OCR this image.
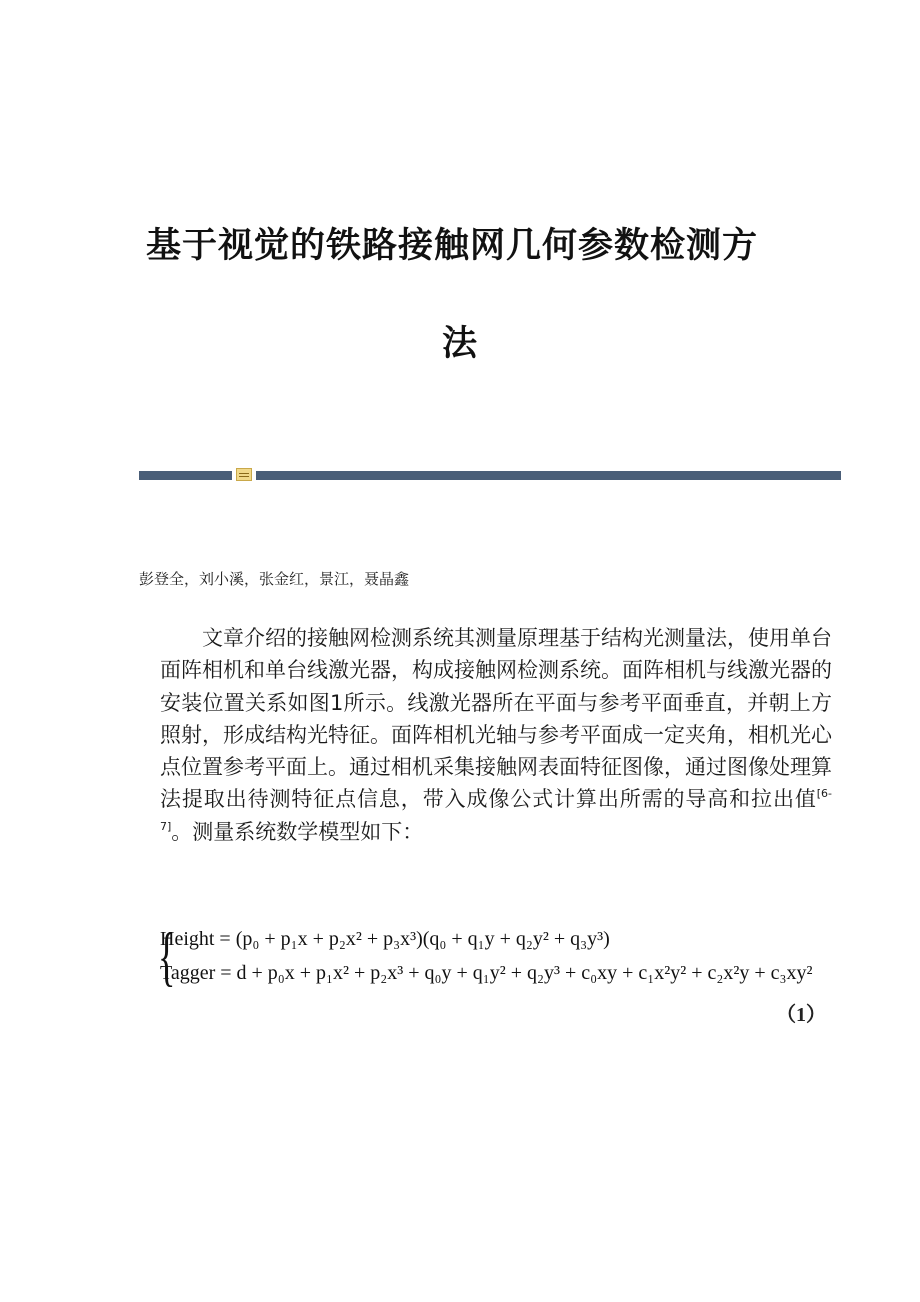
基于视觉的铁路接触网几何参数检测方
法
彭登全，刘小溪，张金红，景江，聂晶鑫

文章介绍的接触网检测系统其测量原理基于结构光测量法，使用单台面阵相机和单台线激光器，构成接触网检测系统。面阵相机与线激光器的安装位置关系如图1所示。线激光器所在平面与参考平面垂直，并朝上方照射，形成结构光特征。面阵相机光轴与参考平面成一定夹角，相机光心点位置参考平面上。通过相机采集接触网表面特征图像，通过图像处理算法提取出待测特征点信息，带入成像公式计算出所需的导高和拉出值[6-7]。测量系统数学模型如下：

{
Height = (p₀ + p₁x + p₂x² + p₃x³)(q₀ + q₁y + q₂y² + q₃y³)
Tagger = d + p₀x + p₁x² + p₂x³ + q₀y + q₁y² + q₂y³ + c₀xy + c₁x²y² + c₂x²y + c₃xy²
（1）
